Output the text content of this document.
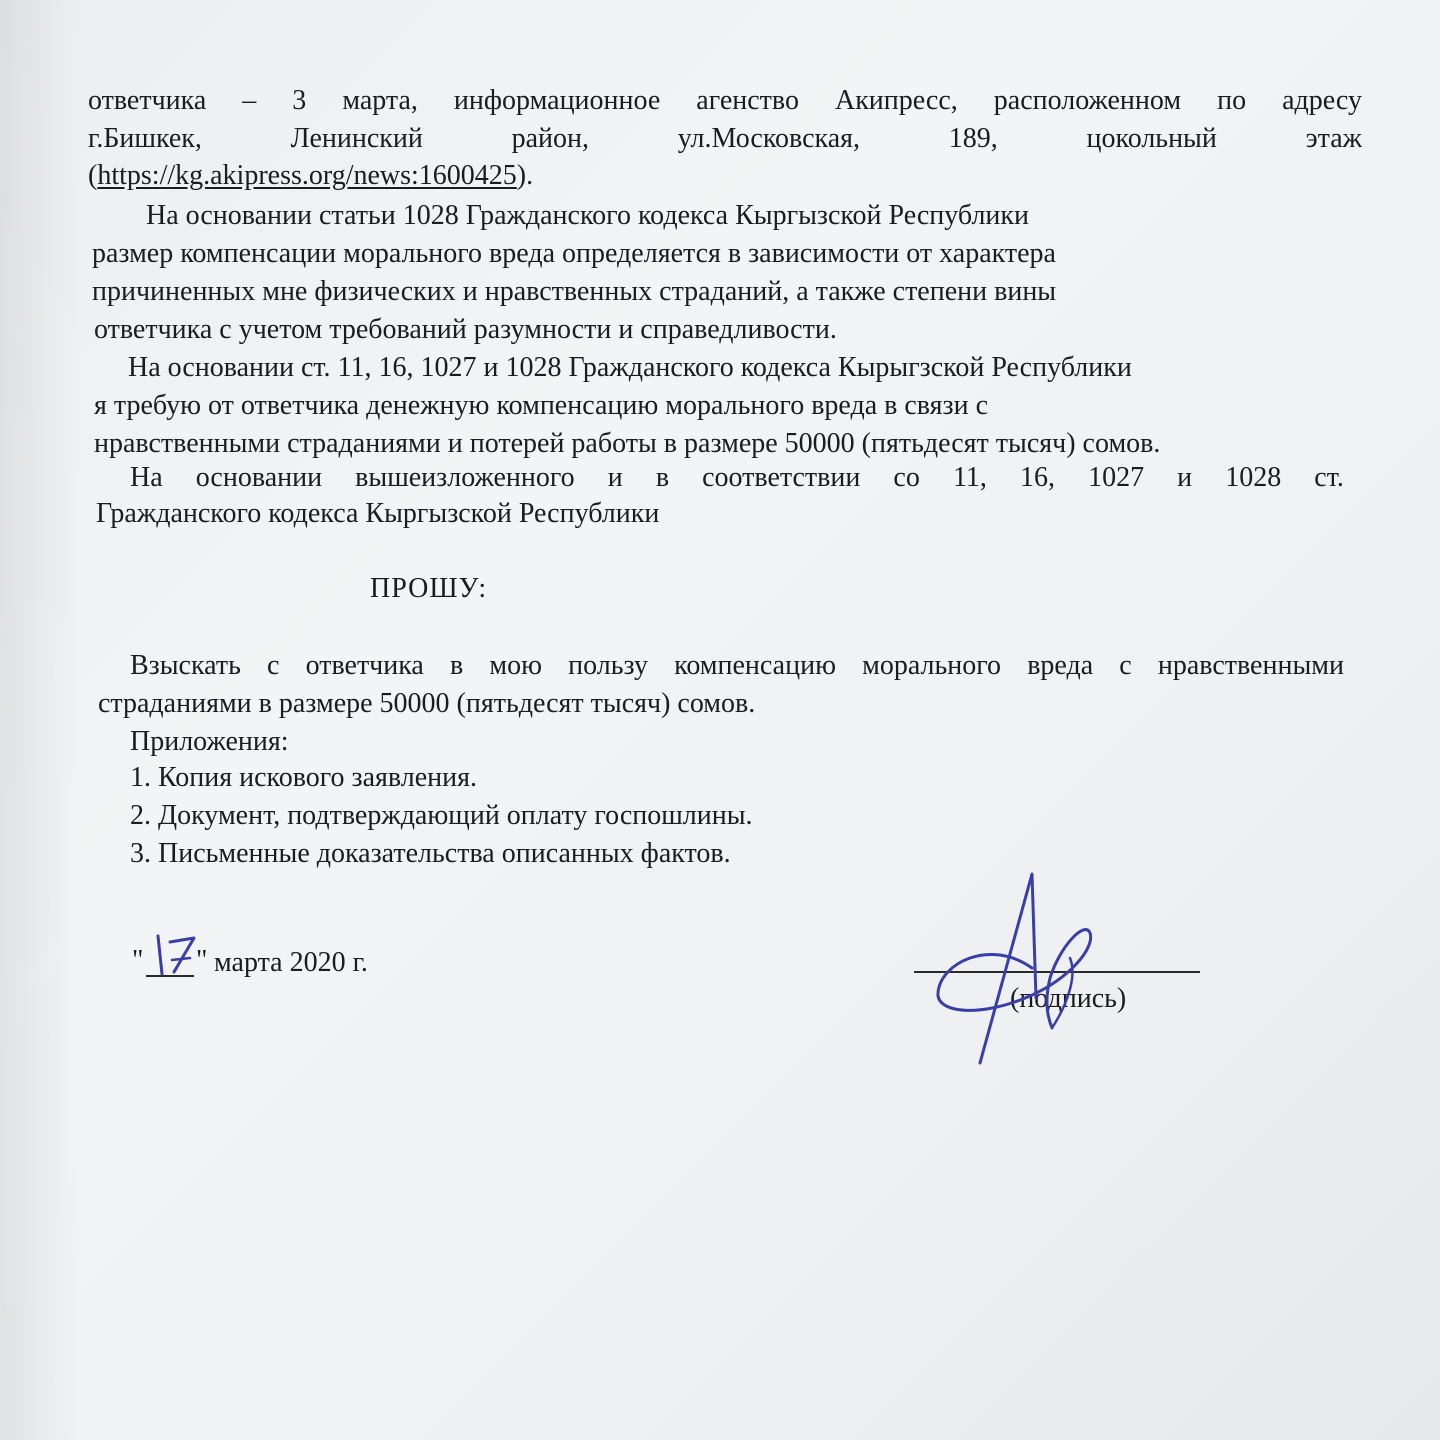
ответчика – 3 марта, информационное агенство Акипресс, расположенном по адресу

г.Бишкек,	Ленинский	район,	ул.Московская,	189,	цокольный	этаж

(https://kg.akipress.org/news:1600425).

На основании статьи 1028 Гражданского кодекса Кыргызской Республики

размер компенсации морального вреда определяется в зависимости от характера

причиненных мне физических и нравственных страданий, а также степени вины

ответчика с учетом требований разумности и справедливости.

На основании ст. 11, 16, 1027 и 1028 Гражданского кодекса Кырыгзской Республики

я требую от ответчика денежную компенсацию морального вреда в связи с

нравственными страданиями и потерей работы в размере 50000 (пятьдесят тысяч) сомов.

На основании вышеизложенного и в соответствии со 11, 16, 1027 и 1028 ст.

Гражданского кодекса Кыргызской Республики

ПРОШУ:

Взыскать с ответчика в мою пользу компенсацию морального вреда с нравственными

страданиями в размере 50000 (пятьдесят тысяч) сомов.

Приложения:

1. Копия искового заявления.

2. Документ, подтверждающий оплату госпошлины.

3. Письменные доказательства описанных фактов.

" " марта 2020 г.

(подпись)
